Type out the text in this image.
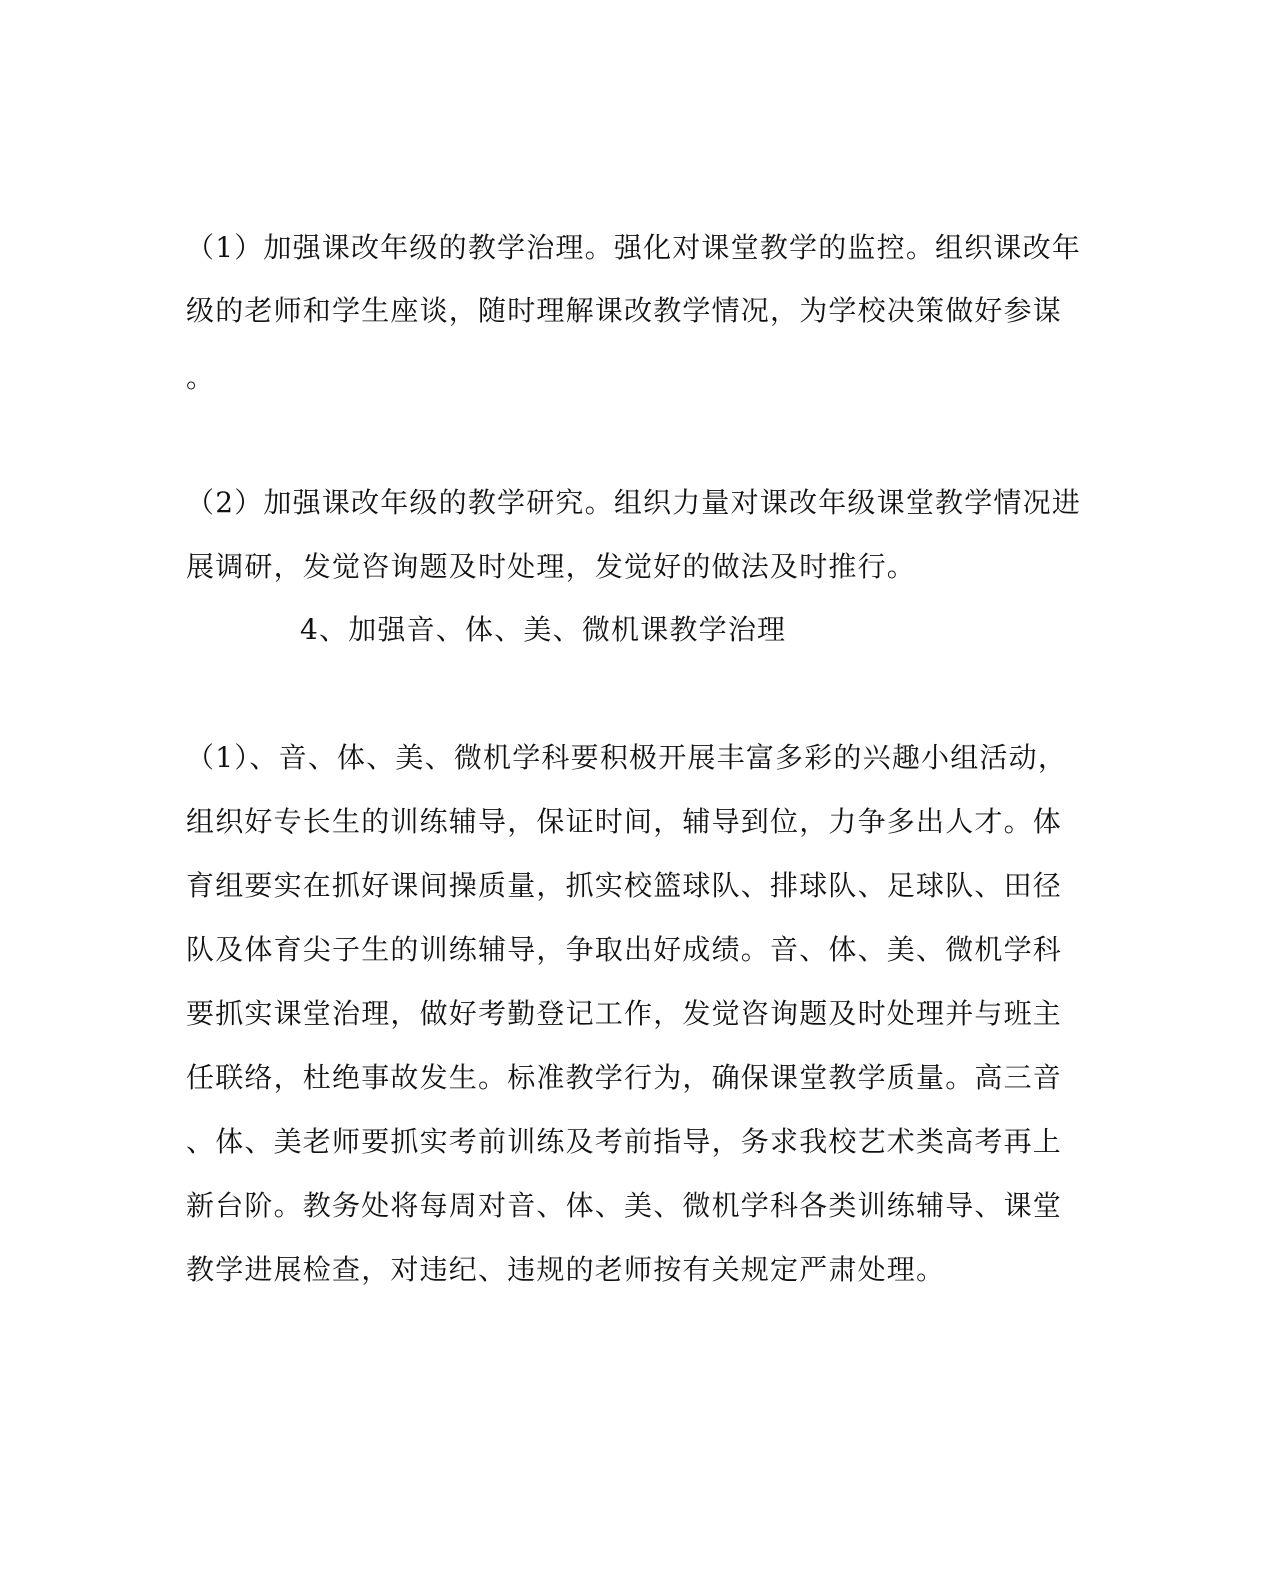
（1）加强课改年级的教学治理。强化对课堂教学的监控。组织课改年
级的老师和学生座谈，随时理解课改教学情况，为学校决策做好参谋
。
（2）加强课改年级的教学研究。组织力量对课改年级课堂教学情况进
展调研，发觉咨询题及时处理，发觉好的做法及时推行。
4、加强音、体、美、微机课教学治理
（1）、音、体、美、微机学科要积极开展丰富多彩的兴趣小组活动，
组织好专长生的训练辅导，保证时间，辅导到位，力争多出人才。体
育组要实在抓好课间操质量，抓实校篮球队、排球队、足球队、田径
队及体育尖子生的训练辅导，争取出好成绩。音、体、美、微机学科
要抓实课堂治理，做好考勤登记工作，发觉咨询题及时处理并与班主
任联络，杜绝事故发生。标准教学行为，确保课堂教学质量。高三音
、体、美老师要抓实考前训练及考前指导，务求我校艺术类高考再上
新台阶。教务处将每周对音、体、美、微机学科各类训练辅导、课堂
教学进展检查，对违纪、违规的老师按有关规定严肃处理。
